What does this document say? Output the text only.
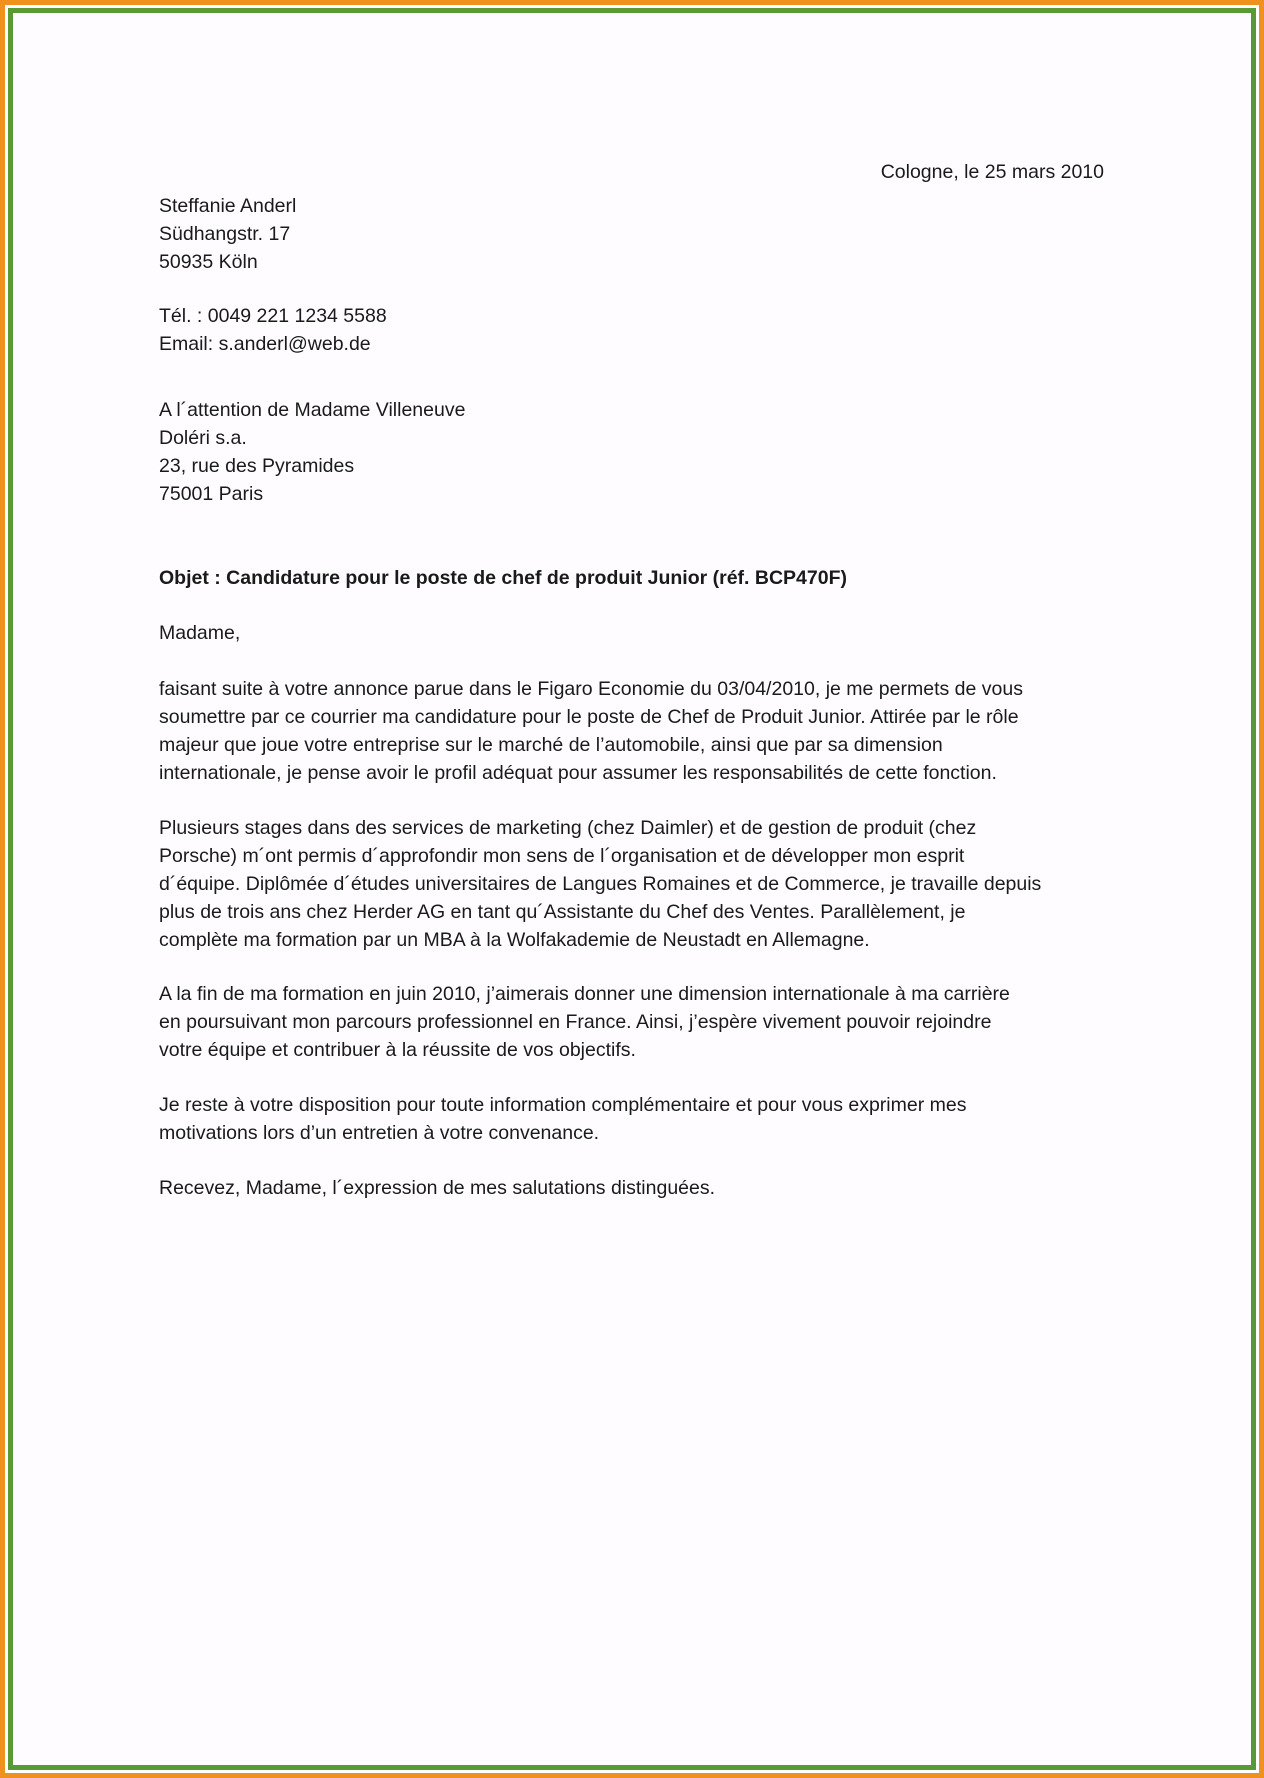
Cologne, le 25 mars 2010
Steffanie Anderl
Südhangstr. 17
50935 Köln
Tél. : 0049 221 1234 5588
Email: s.anderl@web.de
A l´attention de Madame Villeneuve
Doléri s.a.
23, rue des Pyramides
75001 Paris
Objet : Candidature pour le poste de chef de produit Junior (réf. BCP470F)
Madame,
faisant suite à votre annonce parue dans le Figaro Economie du 03/04/2010, je me permets de vous
soumettre par ce courrier ma candidature pour le poste de Chef de Produit Junior. Attirée par le rôle
majeur que joue votre entreprise sur le marché de l’automobile, ainsi que par sa dimension
internationale, je pense avoir le profil adéquat pour assumer les responsabilités de cette fonction.
Plusieurs stages dans des services de marketing (chez Daimler) et de gestion de produit (chez
Porsche) m´ont permis d´approfondir mon sens de l´organisation et de développer mon esprit
d´équipe. Diplômée d´études universitaires de Langues Romaines et de Commerce, je travaille depuis
plus de trois ans chez Herder AG en tant qu´Assistante du Chef des Ventes. Parallèlement, je
complète ma formation par un MBA à la Wolfakademie de Neustadt en Allemagne.
A la fin de ma formation en juin 2010, j’aimerais donner une dimension internationale à ma carrière
en poursuivant mon parcours professionnel en France. Ainsi, j’espère vivement pouvoir rejoindre
votre équipe et contribuer à la réussite de vos objectifs.
Je reste à votre disposition pour toute information complémentaire et pour vous exprimer mes
motivations lors d’un entretien à votre convenance.
Recevez, Madame, l´expression de mes salutations distinguées.
